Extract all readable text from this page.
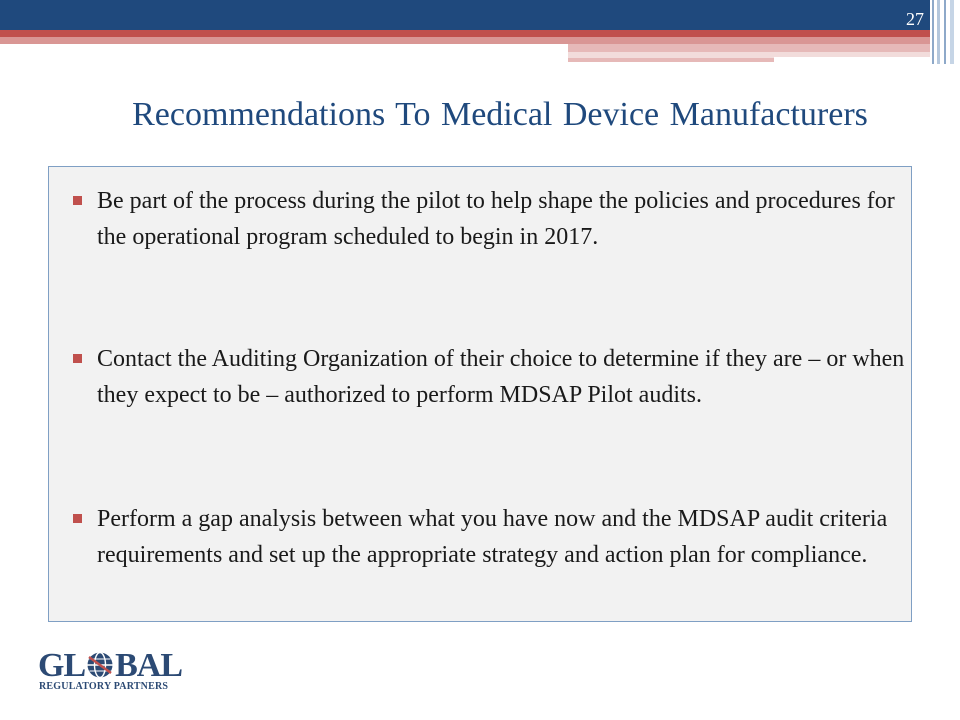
27
Recommendations To Medical Device Manufacturers
Be part of the process during the pilot to help shape the policies and procedures for the operational program scheduled to begin in 2017.
Contact the Auditing Organization of their choice to determine if they are – or when they expect to be – authorized to perform MDSAP Pilot audits.
Perform a gap analysis between what you have now and the MDSAP audit criteria requirements and set up the appropriate strategy and action plan for compliance.
GL BAL
REGULATORY PARTNERS
